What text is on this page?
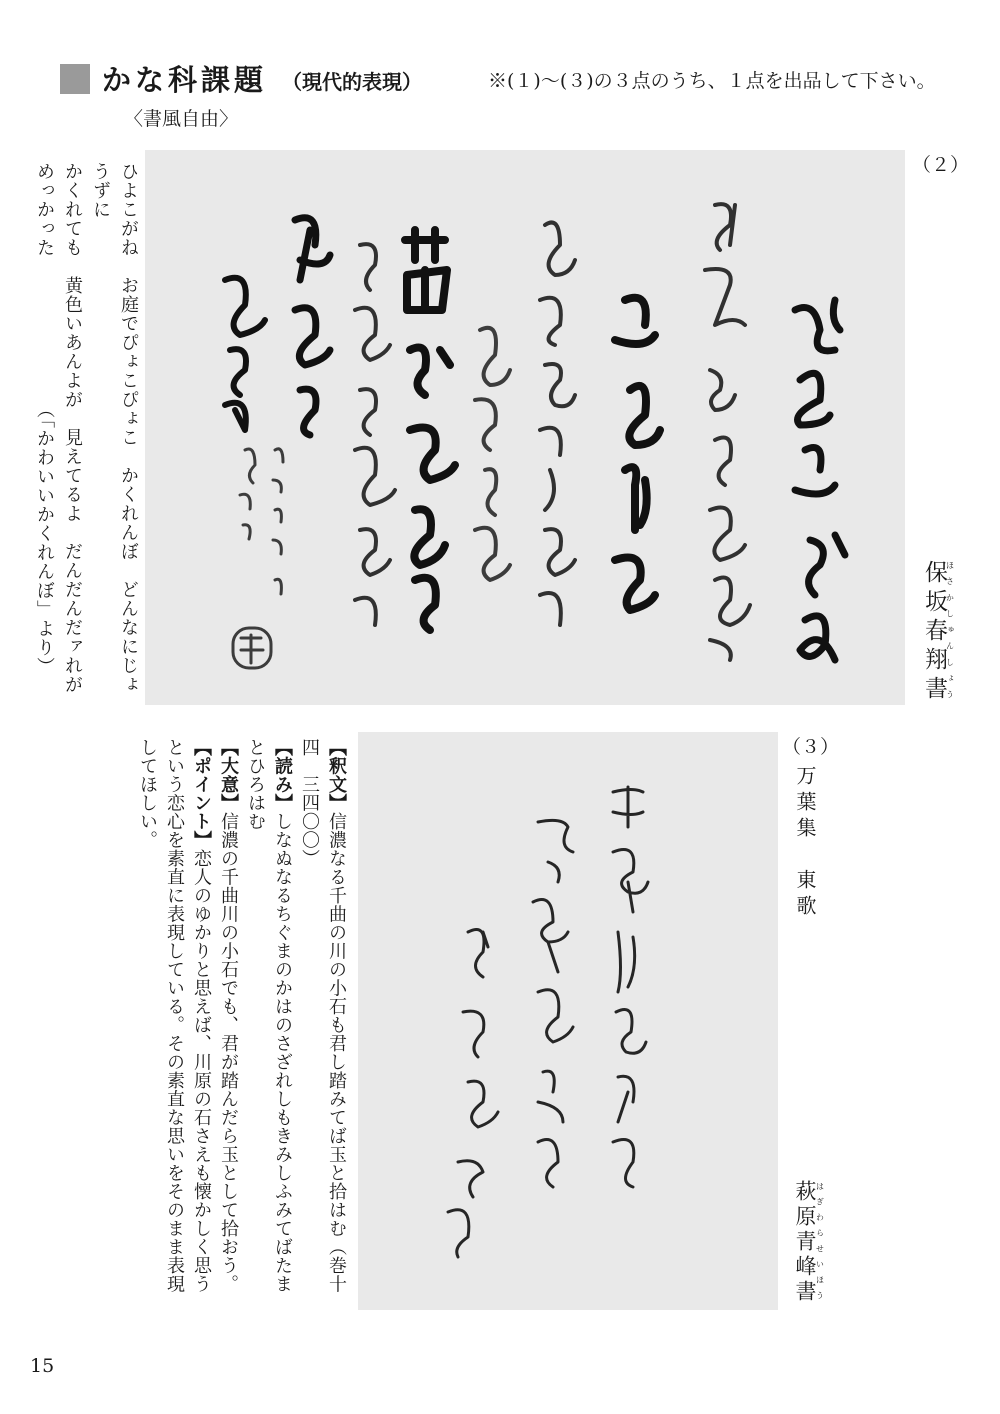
かな科課題 （現代的表現）	※(１)〜(３)の３点のうち、１点を出品して下さい。
〈書風自由〉
（２）
ひよこがね　お庭でぴょこぴょこ　かくれんぼ　どんなにじょうずに
かくれても　黄色いあんよが　見えてるよ　だんだんだァれが
めっかった　　　　　　　　（「かわいいかくれんぼ」より）	保坂春翔書ほさかしゅんしょう
（３）
万葉集　東歌
萩原青峰書はぎわらせいほう

【釈文】信濃なる千曲の川の小石も君し踏みてば玉と拾はむ（巻十四　三四〇〇）

【読み】しなぬなるちぐまのかはのさざれしもきみしふみてばたまとひろはむ

【大意】信濃の千曲川の小石でも、君が踏んだら玉として拾おう。

【ポイント】恋人のゆかりと思えば、川原の石さえも懐かしく思うという恋心を素直に表現している。その素直な思いをそのまま表現してほしい。

15
